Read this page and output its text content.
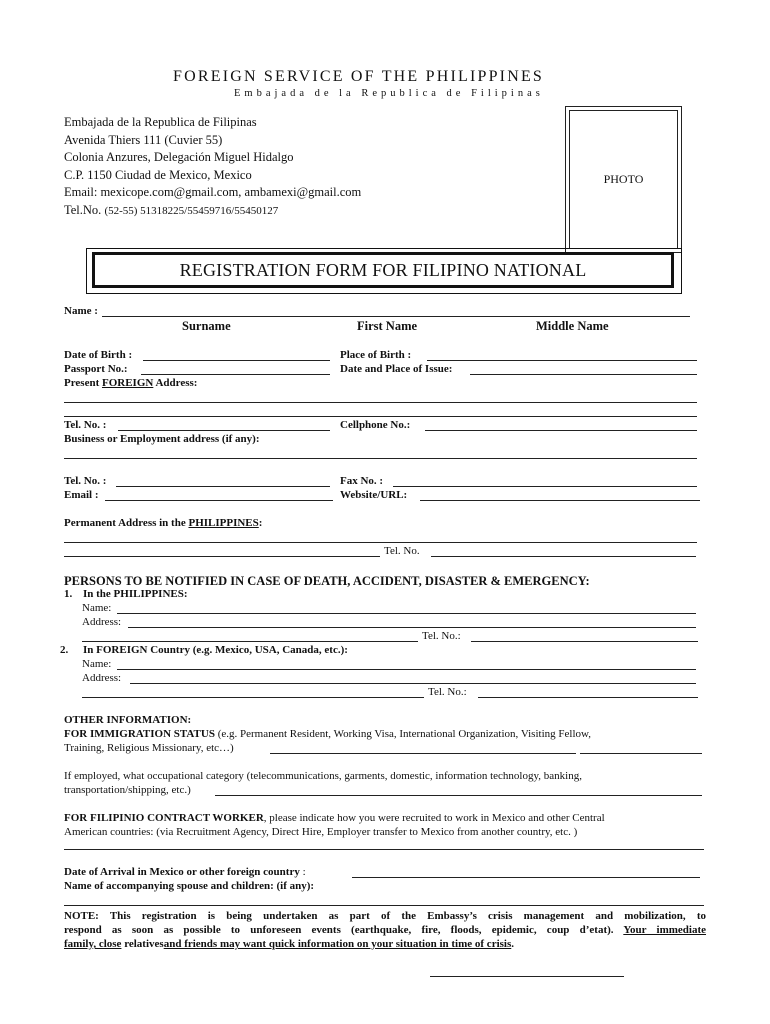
FOREIGN SERVICE OF THE PHILIPPINES
Embajada de la Republica de Filipinas
Embajada de la Republica de Filipinas
Avenida Thiers 111 (Cuvier 55)
Colonia Anzures, Delegación Miguel Hidalgo
C.P. 1150 Ciudad de Mexico, Mexico
Email: mexicope.com@gmail.com, ambamexi@gmail.com
Tel.No. (52-55) 51318225/55459716/55450127
PHOTO
REGISTRATION FORM FOR FILIPINO NATIONAL
Name :
Surname	First Name	Middle Name
Date of Birth :	Place of Birth :
Passport No.:	Date and Place of Issue:
Present FOREIGN Address:
Tel. No. :	Cellphone No.:
Business or Employment address (if any):
Tel. No. :	Fax No. :
Email :	Website/URL:
Permanent Address in the PHILIPPINES:
Tel. No.
PERSONS TO BE NOTIFIED IN CASE OF DEATH, ACCIDENT, DISASTER & EMERGENCY:
1. In the PHILIPPINES:
Name:
Address:
Tel. No.:
2. In FOREIGN Country (e.g. Mexico, USA, Canada, etc.):
Name:
Address:
Tel. No.:
OTHER INFORMATION:
FOR IMMIGRATION STATUS (e.g. Permanent Resident, Working Visa, International Organization, Visiting Fellow,
Training, Religious Missionary, etc…)
If employed, what occupational category (telecommunications, garments, domestic, information technology, banking,
transportation/shipping, etc.)
FOR FILIPINIO CONTRACT WORKER, please indicate how you were recruited to work in Mexico and other Central
American countries: (via Recruitment Agency, Direct Hire, Employer transfer to Mexico from another country, etc. )
Date of Arrival in Mexico or other foreign country :
Name of accompanying spouse and children: (if any):
NOTE: This registration is being undertaken as part of the Embassy’s crisis management and mobilization, to
respond as soon as possible to unforeseen events (earthquake, fire, floods, epidemic, coup d’etat). Your immediate
family, close relativesand friends may want quick information on your situation in time of crisis.
